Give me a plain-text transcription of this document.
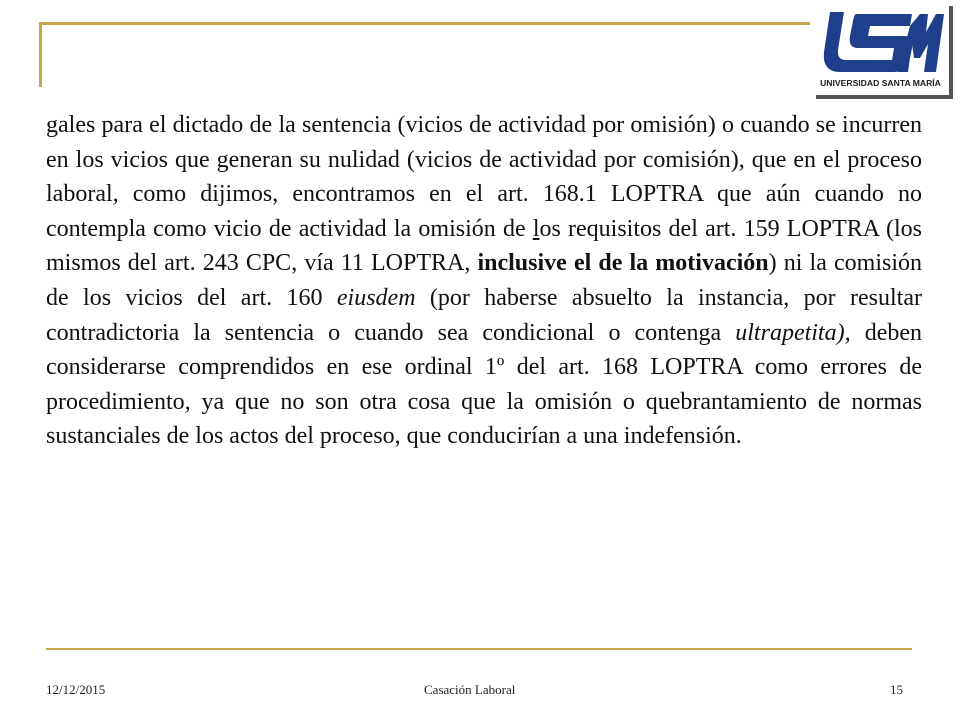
UNIVERSIDAD SANTA MARÍA

gales para el dictado de la sentencia (vicios de actividad por omisión) o cuando se incurren en los vicios que generan su nulidad (vicios de actividad por comisión), que en el proceso laboral, como dijimos, encontramos en el art. 168.1 LOPTRA que aún cuando no contempla como vicio de actividad la omisión de los requisitos del art. 159 LOPTRA (los mismos del art. 243 CPC, vía 11 LOPTRA, inclusive el de la motivación) ni la comisión de los vicios del art. 160 eiusdem (por haberse absuelto la instancia, por resultar contradictoria la sentencia o cuando sea condicional o contenga ultrapetita), deben considerarse comprendidos en ese ordinal 1º del art. 168 LOPTRA como errores de procedimiento, ya que no son otra cosa que la omisión o quebrantamiento de normas sustanciales de los actos del proceso, que conducirían a una indefensión.

12/12/2015	Casación Laboral	15
